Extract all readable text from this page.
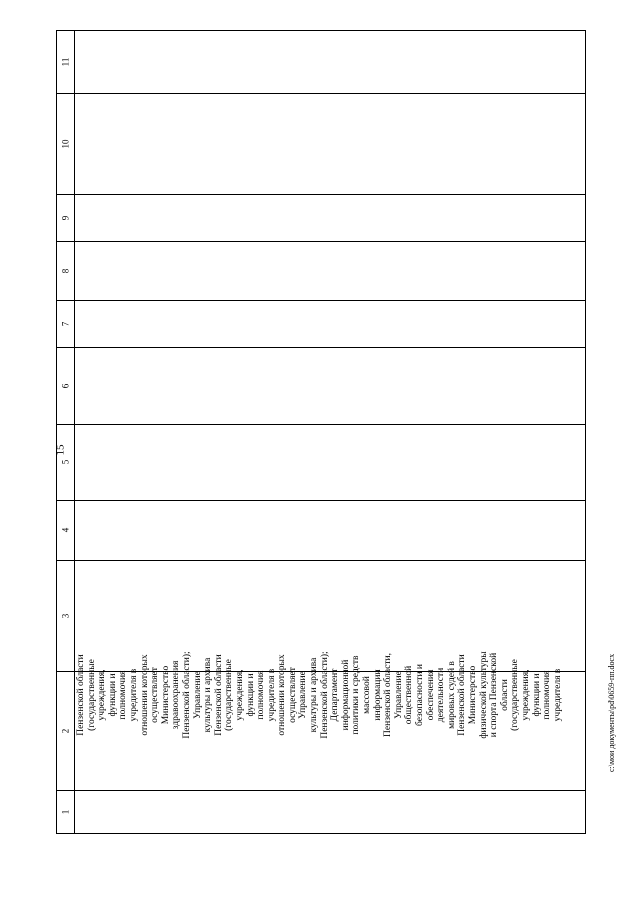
15
11
10
9
8
7
6
5
4
3
2
1
Пензенской области (государственные учреждения, функции и полномочия учредителя в отношении которых осуществляет Министерство здравоохранения Пензенской области); Управление культуры и архива Пензенской области (государственные учреждения, функции и полномочия учредителя в отношении которых осуществляет Управление культуры и архива Пензенской области); Департамент информационной политики и средств массовой информации Пензенской области, Управление общественной безопасности и обеспечения деятельности мировых судей в Пензенской области Министерство физической культуры и спорта Пензенской области (государственные учреждения, функции и полномочия учредителя в	c:\мои документы\pd\0659-пп.docx
